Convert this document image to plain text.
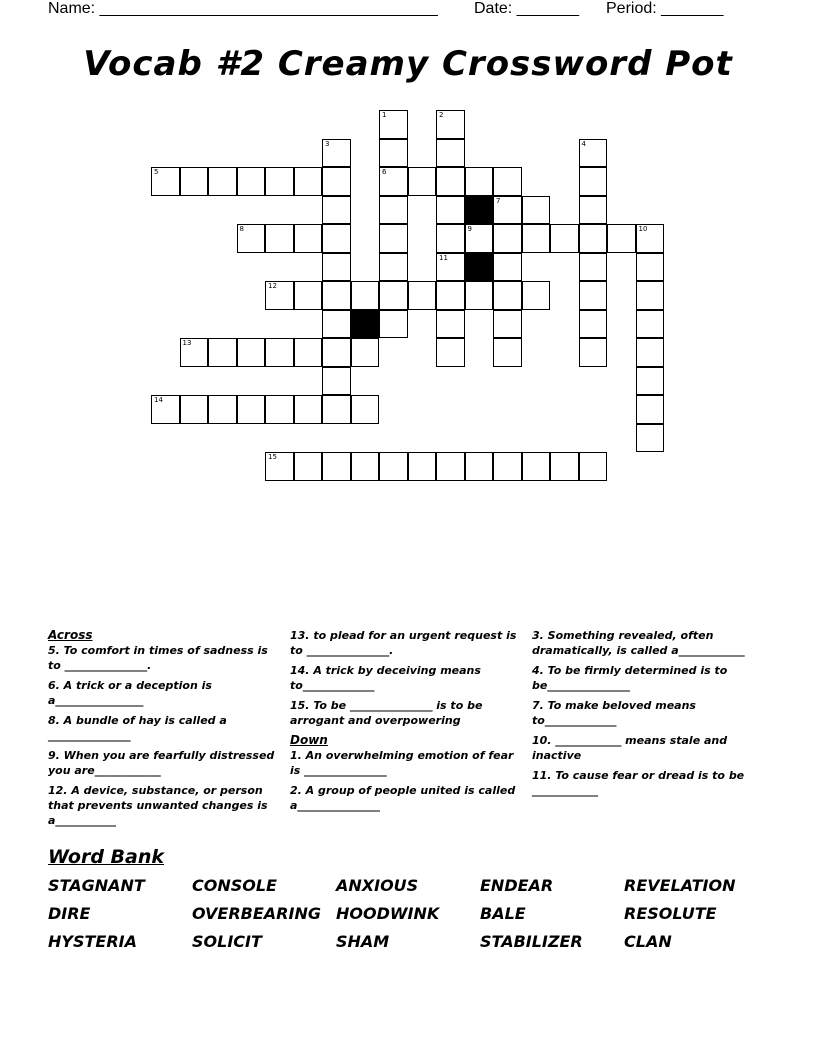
Name: ______________________________________ Date: _______ Period: _______
Vocab #2 Creamy Crossword Pot
1	2
3	4
5	6
7
8	9	10
11
12
13
14
15
Across
5. To comfort in times of sadness is to _______________.
6. A trick or a deception is a________________
8. A bundle of hay is called a _______________
9. When you are fearfully distressed you are____________
12. A device, substance, or person that prevents unwanted changes is a___________
13. to plead for an urgent request is to _______________.
14. A trick by deceiving means to_____________
15. To be _______________ is to be arrogant and overpowering
Down
1. An overwhelming emotion of fear is _______________
2. A group of people united is called a_______________
3. Something revealed, often dramatically, is called a____________
4. To be firmly determined is to be_______________
7. To make beloved means to_____________
10. ____________ means stale and inactive
11. To cause fear or dread is to be ____________
Word Bank
STAGNANT	CONSOLE	ANXIOUS	ENDEAR	REVELATION
DIRE	OVERBEARING HOODWINK	BALE	RESOLUTE
HYSTERIA	SOLICIT	SHAM	STABILIZER	CLAN
